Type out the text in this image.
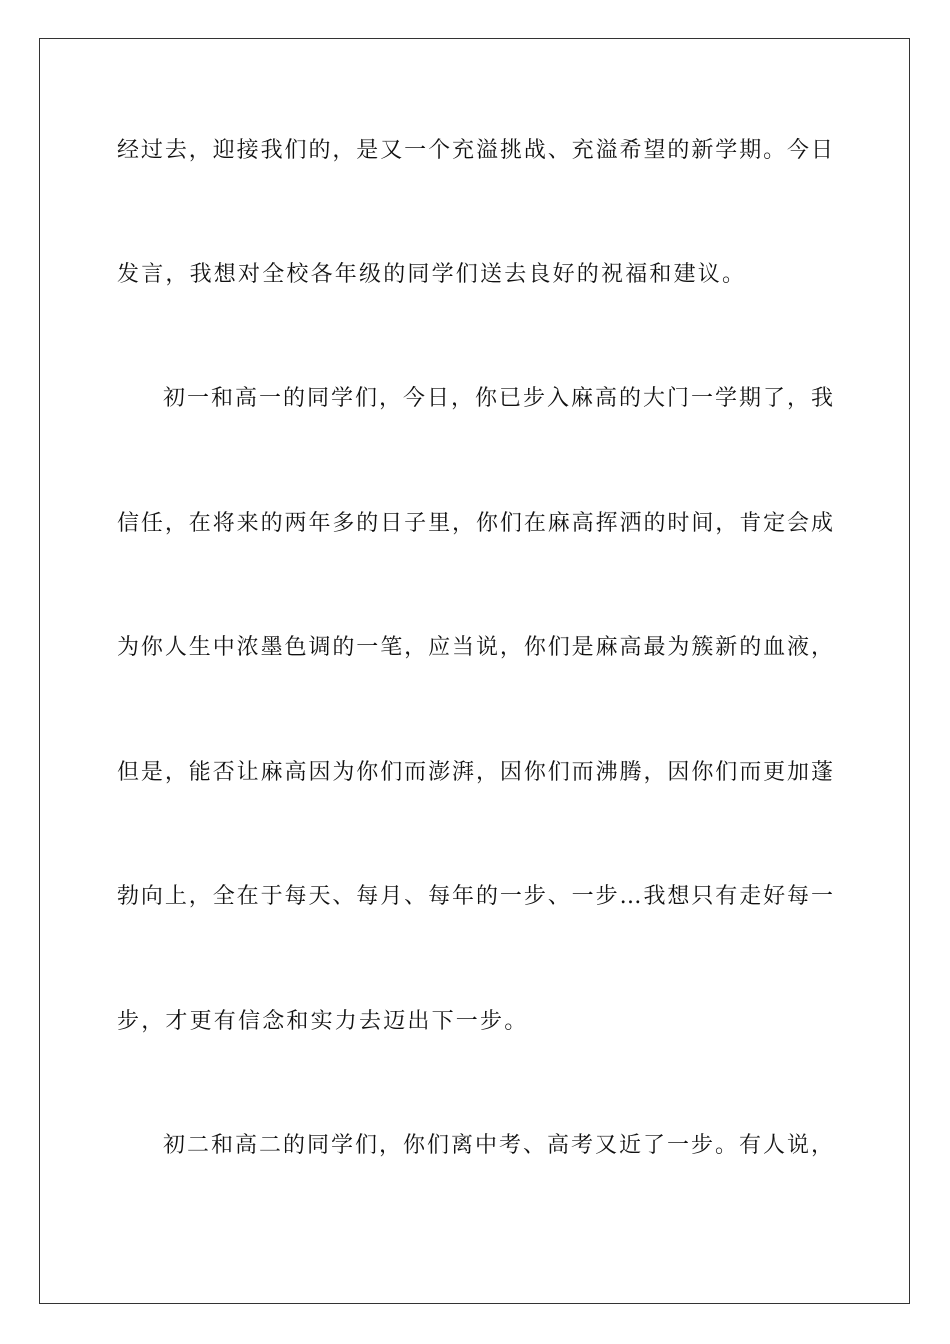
经过去，迎接我们的，是又一个充溢挑战、充溢希望的新学期。今日
发言，我想对全校各年级的同学们送去良好的祝福和建议。
初一和高一的同学们，今日，你已步入麻高的大门一学期了，我
信任，在将来的两年多的日子里，你们在麻高挥洒的时间，肯定会成
为你人生中浓墨色调的一笔，应当说，你们是麻高最为簇新的血液，
但是，能否让麻高因为你们而澎湃，因你们而沸腾，因你们而更加蓬
勃向上，全在于每天、每月、每年的一步、一步…我想只有走好每一
步，才更有信念和实力去迈出下一步。
初二和高二的同学们，你们离中考、高考又近了一步。有人说，
